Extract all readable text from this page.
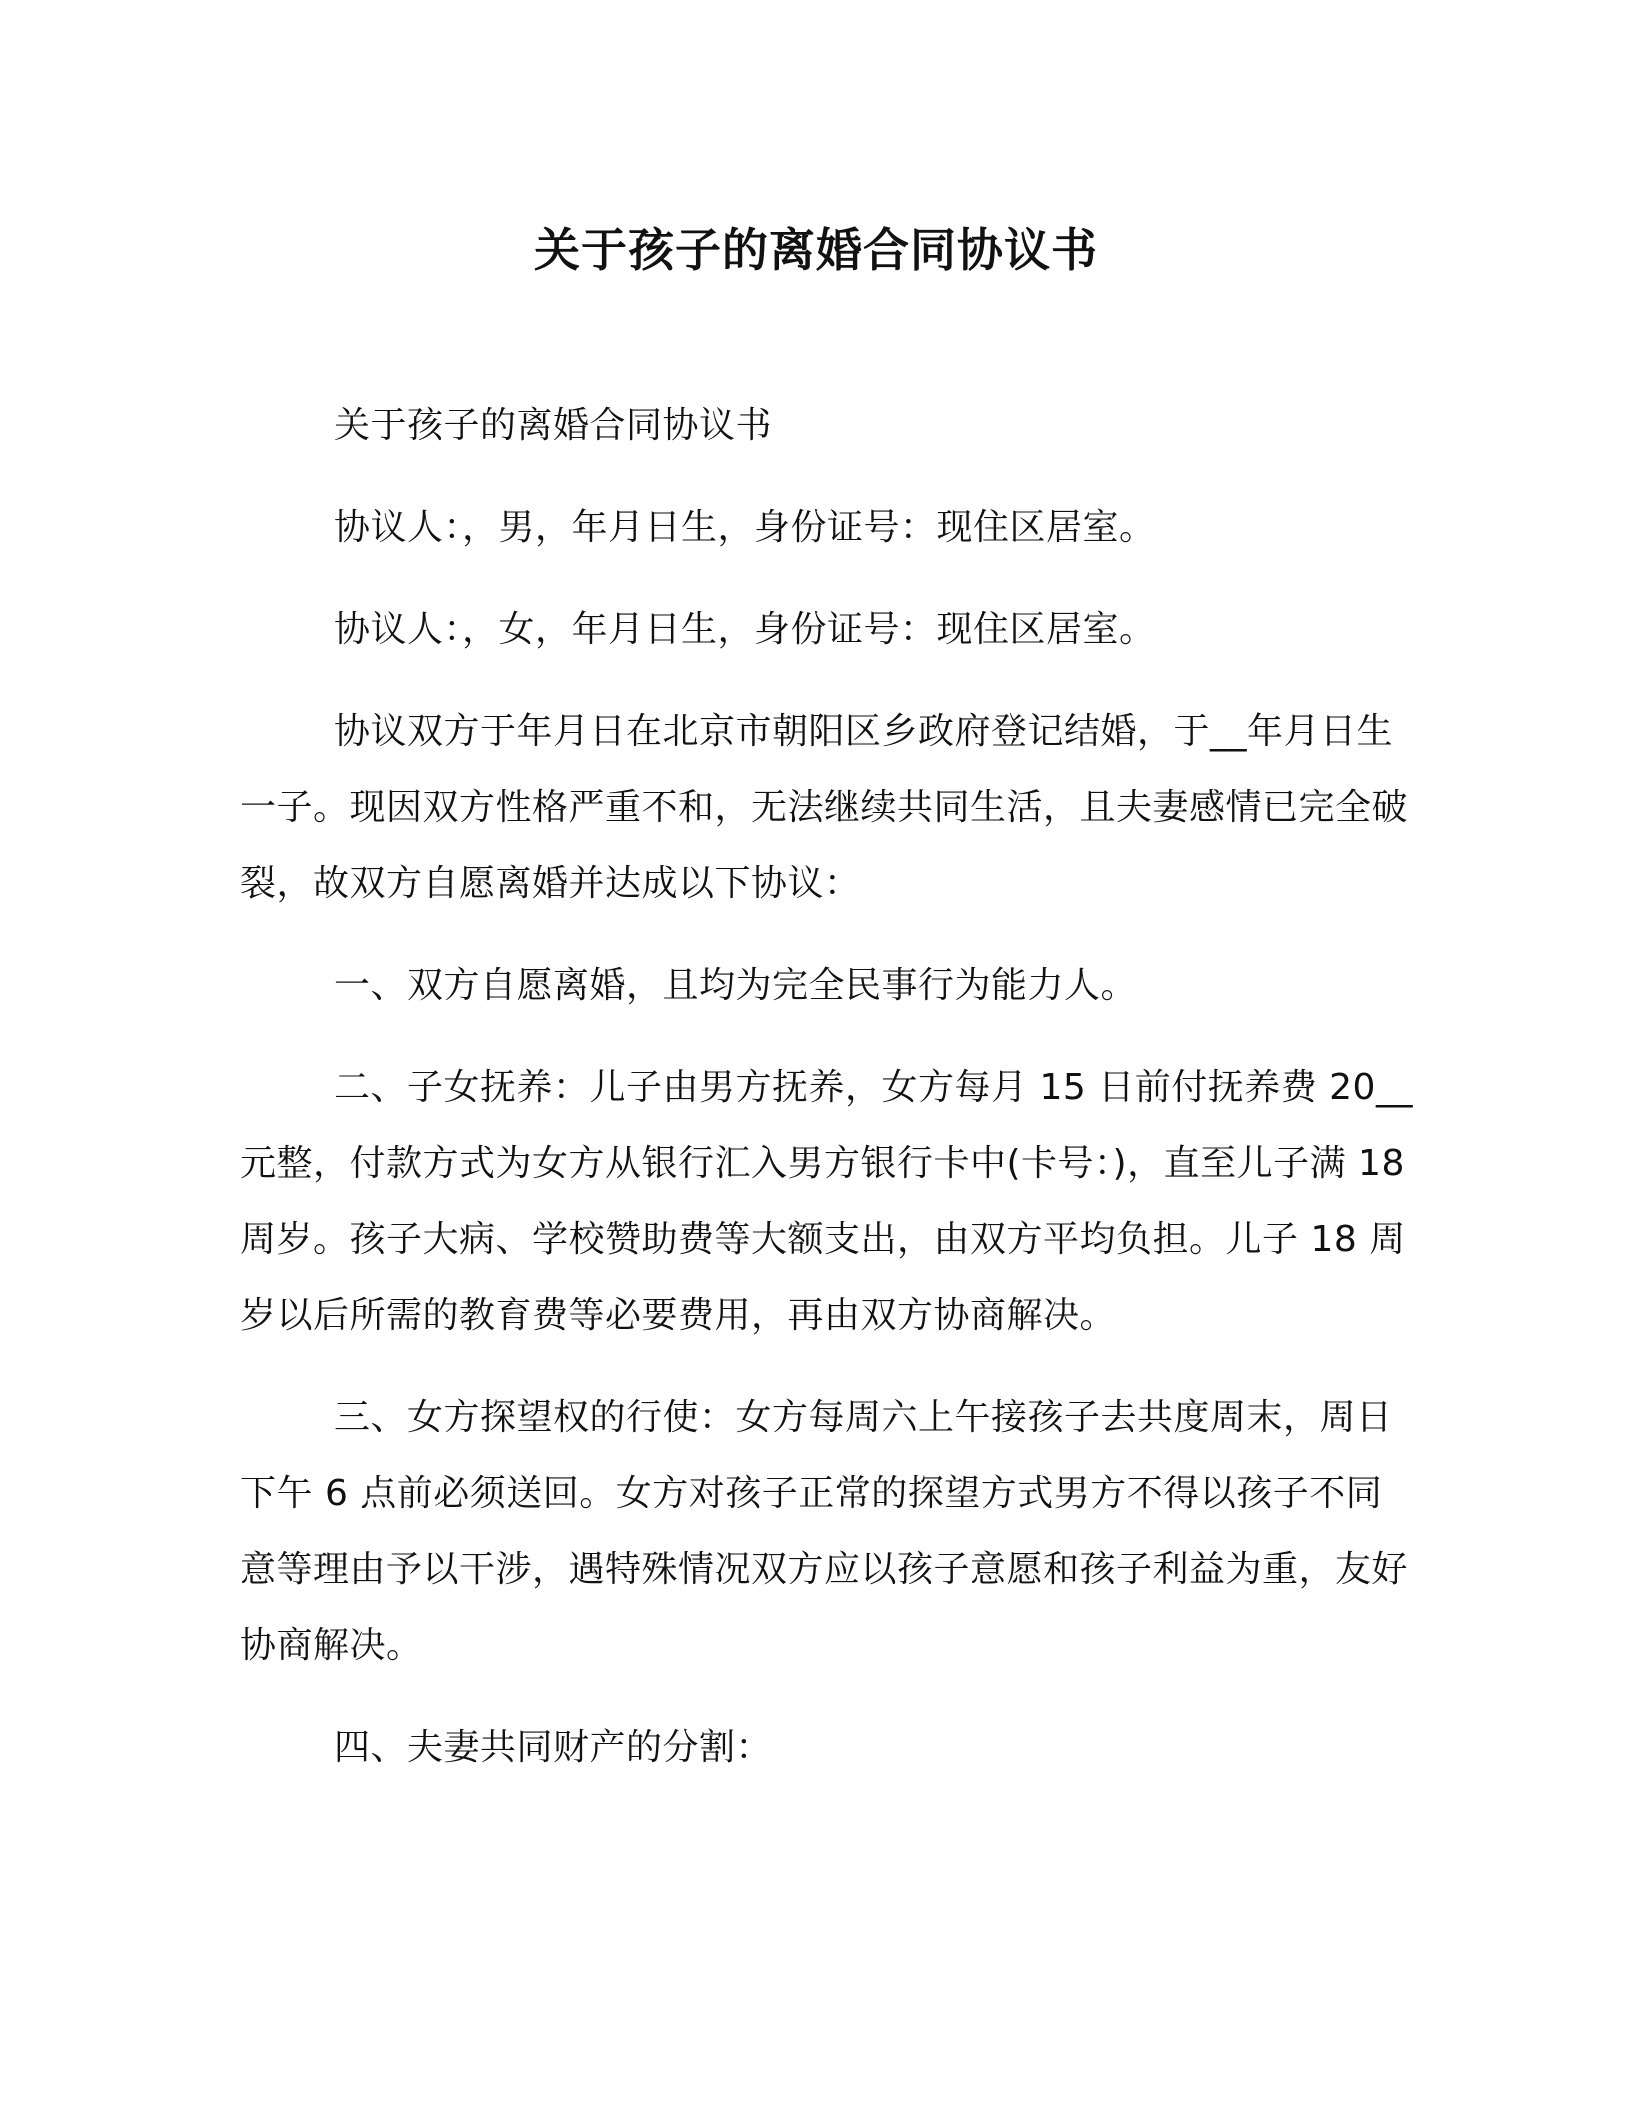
关于孩子的离婚合同协议书

关于孩子的离婚合同协议书

协议人：，男，年月日生，身份证号：现住区居室。

协议人：，女，年月日生，身份证号：现住区居室。

协议双方于年月日在北京市朝阳区乡政府登记结婚，于__年月日生一子。现因双方性格严重不和，无法继续共同生活，且夫妻感情已完全破裂，故双方自愿离婚并达成以下协议：

一、双方自愿离婚，且均为完全民事行为能力人。

二、子女抚养：儿子由男方抚养，女方每月 15 日前付抚养费 20__元整，付款方式为女方从银行汇入男方银行卡中(卡号：)，直至儿子满 18 周岁。孩子大病、学校赞助费等大额支出，由双方平均负担。儿子 18 周岁以后所需的教育费等必要费用，再由双方协商解决。

三、女方探望权的行使：女方每周六上午接孩子去共度周末，周日下午 6 点前必须送回。女方对孩子正常的探望方式男方不得以孩子不同意等理由予以干涉，遇特殊情况双方应以孩子意愿和孩子利益为重，友好协商解决。

四、夫妻共同财产的分割：
